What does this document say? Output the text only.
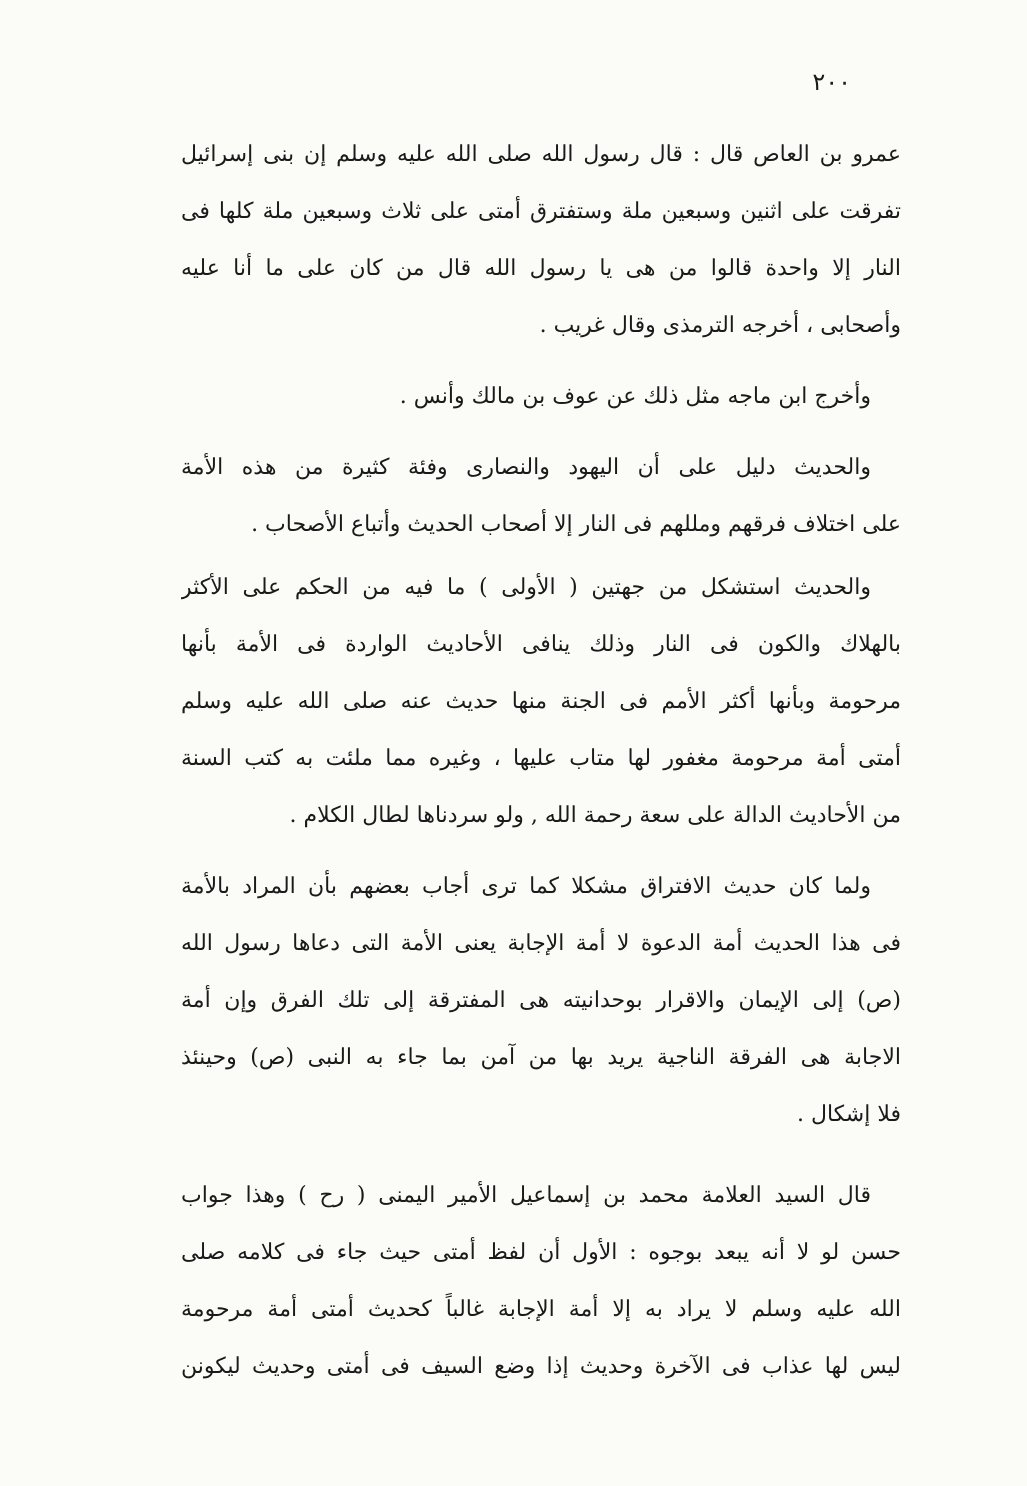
٢٠٠
عمرو بن العاص قال : قال رسول الله صلى الله عليه وسلم إن بنى إسرائيل
تفرقت على اثنين وسبعين ملة وستفترق أمتى على ثلاث وسبعين ملة كلها فى
النار إلا واحدة قالوا من هى يا رسول الله قال من كان على ما أنا عليه
وأصحابى ، أخرجه الترمذى وقال غريب .
وأخرج ابن ماجه مثل ذلك عن عوف بن مالك وأنس .
والحديث دليل على أن اليهود والنصارى وفئة كثيرة من هذه الأمة
على اختلاف فرقهم ومللهم فى النار إلا أصحاب الحديث وأتباع الأصحاب .
والحديث استشكل من جهتين ( الأولى ) ما فيه من الحكم على الأكثر
بالهلاك والكون فى النار وذلك ينافى الأحاديث الواردة فى الأمة بأنها
مرحومة وبأنها أكثر الأمم فى الجنة منها حديث عنه صلى الله عليه وسلم
أمتى أمة مرحومة مغفور لها متاب عليها ، وغيره مما ملئت به كتب السنة
من الأحاديث الدالة على سعة رحمة الله , ولو سردناها لطال الكلام .
ولما كان حديث الافتراق مشكلا كما ترى أجاب بعضهم بأن المراد بالأمة
فى هذا الحديث أمة الدعوة لا أمة الإجابة يعنى الأمة التى دعاها رسول الله
(ص) إلى الإيمان والاقرار بوحدانيته هى المفترقة إلى تلك الفرق وإن أمة
الاجابة هى الفرقة الناجية يريد بها من آمن بما جاء به النبى (ص) وحينئذ
فلا إشكال .
قال السيد العلامة محمد بن إسماعيل الأمير اليمنى ( رح ) وهذا جواب
حسن لو لا أنه يبعد بوجوه : الأول أن لفظ أمتى حيث جاء فى كلامه صلى
الله عليه وسلم لا يراد به إلا أمة الإجابة غالباً كحديث أمتى أمة مرحومة
ليس لها عذاب فى الآخرة وحديث إذا وضع السيف فى أمتى وحديث ليكونن
